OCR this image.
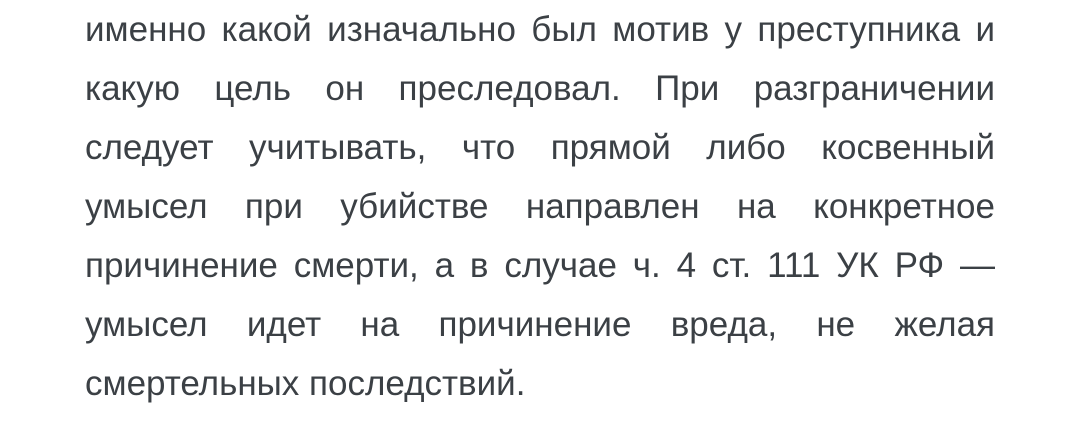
именно какой изначально был мотив у преступника и
какую цель он преследовал. При разграничении
следует учитывать, что прямой либо косвенный
умысел при убийстве направлен на конкретное
причинение смерти, а в случае ч. 4 ст. 111 УК РФ —
умысел идет на причинение вреда, не желая
смертельных последствий.
